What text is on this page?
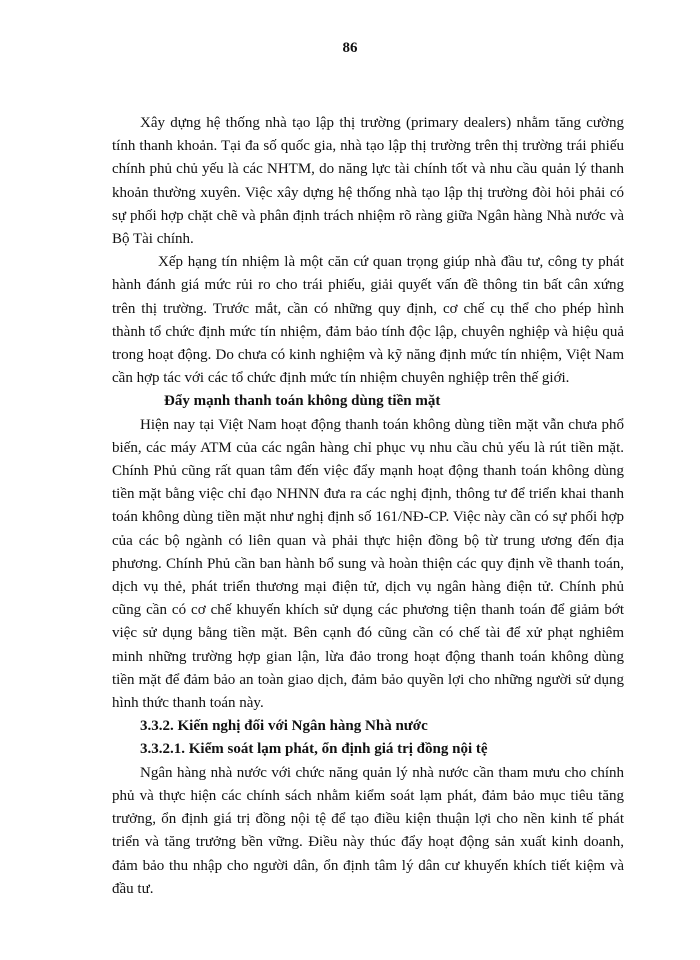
86

Xây dựng hệ thống nhà tạo lập thị trường (primary dealers) nhằm tăng cường tính thanh khoản. Tại đa số quốc gia, nhà tạo lập thị trường trên thị trường trái phiếu chính phủ chủ yếu là các NHTM, do năng lực tài chính tốt và nhu cầu quản lý thanh khoản thường xuyên. Việc xây dựng hệ thống nhà tạo lập thị trường đòi hỏi phải có sự phối hợp chặt chẽ và phân định trách nhiệm rõ ràng giữa Ngân hàng Nhà nước và Bộ Tài chính.

Xếp hạng tín nhiệm là một căn cứ quan trọng giúp nhà đầu tư, công ty phát hành đánh giá mức rủi ro cho trái phiếu, giải quyết vấn đề thông tin bất cân xứng trên thị trường. Trước mắt, cần có những quy định, cơ chế cụ thể cho phép hình thành tổ chức định mức tín nhiệm, đảm bảo tính độc lập, chuyên nghiệp và hiệu quả trong hoạt động. Do chưa có kinh nghiệm và kỹ năng định mức tín nhiệm, Việt Nam cần hợp tác với các tổ chức định mức tín nhiệm chuyên nghiệp trên thế giới.

Đẩy mạnh thanh toán không dùng tiền mặt

Hiện nay tại Việt Nam hoạt động thanh toán không dùng tiền mặt vẫn chưa phổ biến, các máy ATM của các ngân hàng chỉ phục vụ nhu cầu chủ yếu là rút tiền mặt. Chính Phủ cũng rất quan tâm đến việc đẩy mạnh hoạt động thanh toán không dùng tiền mặt bằng việc chỉ đạo NHNN đưa ra các nghị định, thông tư để triển khai thanh toán không dùng tiền mặt như nghị định số 161/NĐ-CP. Việc này cần có sự phối hợp của các bộ ngành có liên quan và phải thực hiện đồng bộ từ trung ương đến địa phương. Chính Phủ cần ban hành bổ sung và hoàn thiện các quy định về thanh toán, dịch vụ thẻ, phát triển thương mại điện tử, dịch vụ ngân hàng điện tử. Chính phủ cũng cần có cơ chế khuyến khích sử dụng các phương tiện thanh toán để giảm bớt việc sử dụng bằng tiền mặt. Bên cạnh đó cũng cần có chế tài để xử phạt nghiêm minh những trường hợp gian lận, lừa đảo trong hoạt động thanh toán không dùng tiền mặt để đảm bảo an toàn giao dịch, đảm bảo quyền lợi cho những người sử dụng hình thức thanh toán này.

3.3.2. Kiến nghị đối với Ngân hàng Nhà nước
3.3.2.1. Kiểm soát lạm phát, ổn định giá trị đồng nội tệ

Ngân hàng nhà nước với chức năng quản lý nhà nước cần tham mưu cho chính phủ và thực hiện các chính sách nhằm kiểm soát lạm phát, đảm bảo mục tiêu tăng trưởng, ổn định giá trị đồng nội tệ để tạo điều kiện thuận lợi cho nền kinh tế phát triển và tăng trưởng bền vững. Điều này thúc đẩy hoạt động sản xuất kinh doanh, đảm bảo thu nhập cho người dân, ổn định tâm lý dân cư khuyến khích tiết kiệm và đầu tư.
